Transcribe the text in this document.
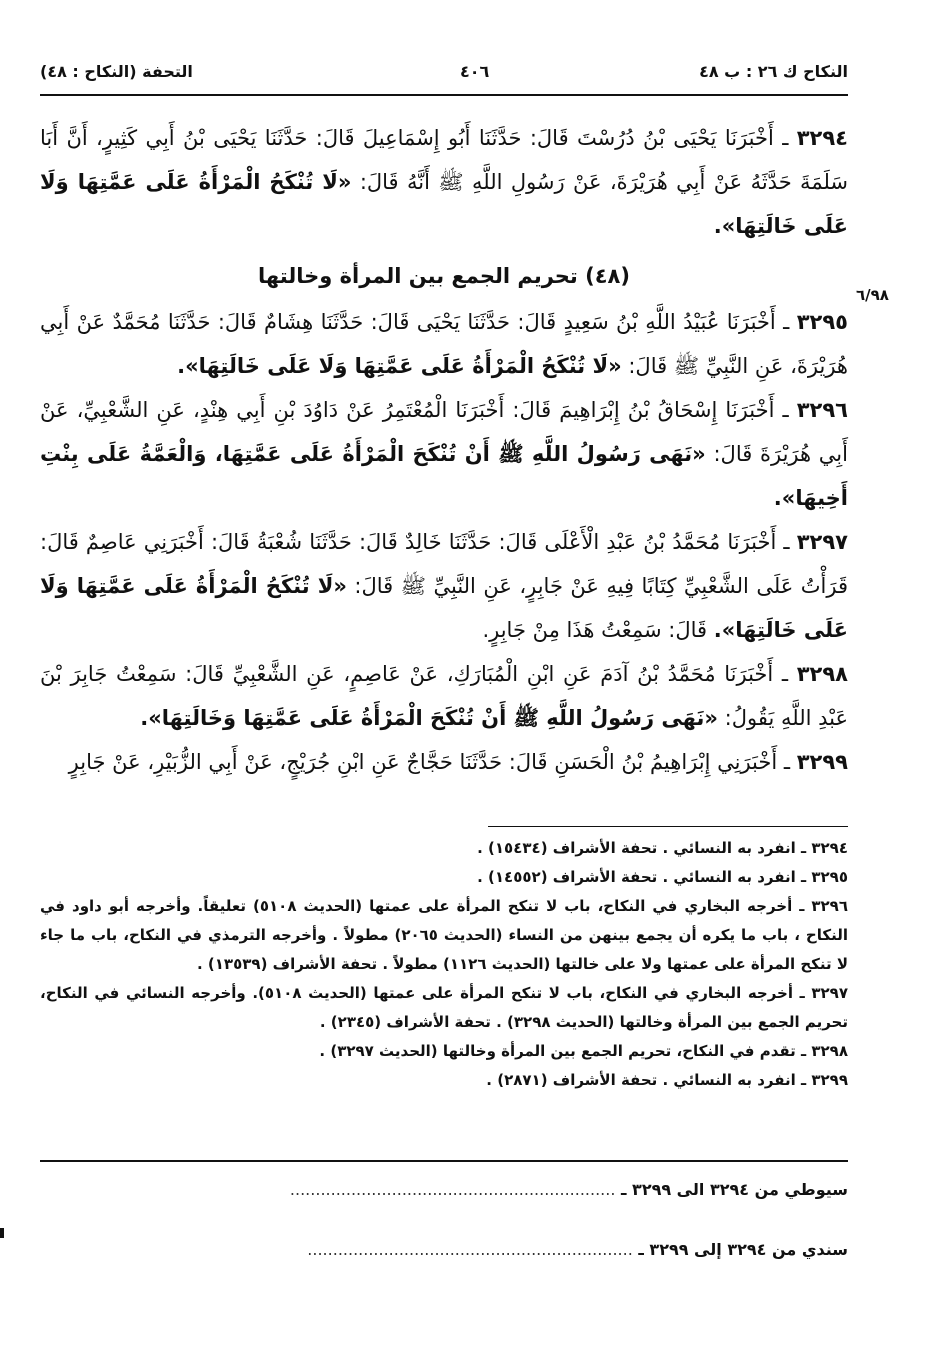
النكاح ك ٢٦ : ب ٤٨
٤٠٦
التحفة (النكاح : ٤٨)
٦/٩٨

٣٢٩٤ ـ أَخْبَرَنَا يَحْيَى بْنُ دُرُسْتَ قَالَ: حَدَّثَنَا أَبُو إِسْمَاعِيلَ قَالَ: حَدَّثَنَا يَحْيَى بْنُ أَبِي كَثِيرٍ، أَنَّ أَبَا سَلَمَةَ حَدَّثَهُ عَنْ أَبِي هُرَيْرَةَ، عَنْ رَسُولِ اللَّهِ ﷺ أَنَّهُ قَالَ: «لَا تُنْكَحُ الْمَرْأَةُ عَلَى عَمَّتِهَا وَلَا عَلَى خَالَتِهَا».

(٤٨) تحريم الجمع بين المرأة وخالتها

٣٢٩٥ ـ أَخْبَرَنَا عُبَيْدُ اللَّهِ بْنُ سَعِيدٍ قَالَ: حَدَّثَنَا يَحْيَى قَالَ: حَدَّثَنَا هِشَامٌ قَالَ: حَدَّثَنَا مُحَمَّدٌ عَنْ أَبِي هُرَيْرَةَ، عَنِ النَّبِيِّ ﷺ قَالَ: «لَا تُنْكَحُ الْمَرْأَةُ عَلَى عَمَّتِهَا وَلَا عَلَى خَالَتِهَا».

٣٢٩٦ ـ أَخْبَرَنَا إِسْحَاقُ بْنُ إِبْرَاهِيمَ قَالَ: أَخْبَرَنَا الْمُعْتَمِرُ عَنْ دَاوُدَ بْنِ أَبِي هِنْدٍ، عَنِ الشَّعْبِيِّ، عَنْ أَبِي هُرَيْرَةَ قَالَ: «نَهَى رَسُولُ اللَّهِ ﷺ أَنْ تُنْكَحَ الْمَرْأَةُ عَلَى عَمَّتِهَا، وَالْعَمَّةُ عَلَى بِنْتِ أَخِيهَا».

٣٢٩٧ ـ أَخْبَرَنَا مُحَمَّدُ بْنُ عَبْدِ الْأَعْلَى قَالَ: حَدَّثَنَا خَالِدٌ قَالَ: حَدَّثَنَا شُعْبَةُ قَالَ: أَخْبَرَنِي عَاصِمٌ قَالَ: قَرَأْتُ عَلَى الشَّعْبِيِّ كِتَابًا فِيهِ عَنْ جَابِرٍ، عَنِ النَّبِيِّ ﷺ قَالَ: «لَا تُنْكَحُ الْمَرْأَةُ عَلَى عَمَّتِهَا وَلَا عَلَى خَالَتِهَا». قَالَ: سَمِعْتُ هَذَا مِنْ جَابِرٍ.

٣٢٩٨ ـ أَخْبَرَنَا مُحَمَّدُ بْنُ آدَمَ عَنِ ابْنِ الْمُبَارَكِ، عَنْ عَاصِمٍ، عَنِ الشَّعْبِيِّ قَالَ: سَمِعْتُ جَابِرَ بْنَ عَبْدِ اللَّهِ يَقُولُ: «نَهَى رَسُولُ اللَّهِ ﷺ أَنْ تُنْكَحَ الْمَرْأَةُ عَلَى عَمَّتِهَا وَخَالَتِهَا».

٣٢٩٩ ـ أَخْبَرَنِي إِبْرَاهِيمُ بْنُ الْحَسَنِ قَالَ: حَدَّثَنَا حَجَّاجٌ عَنِ ابْنِ جُرَيْجٍ، عَنْ أَبِي الزُّبَيْرِ، عَنْ جَابِرٍ

٣٢٩٤ ـ انفرد به النسائي . تحفة الأشراف (١٥٤٣٤) .

٣٢٩٥ ـ انفرد به النسائي . تحفة الأشراف (١٤٥٥٢) .

٣٢٩٦ ـ أخرجه البخاري في النكاح، باب لا تنكح المرأة على عمتها (الحديث ٥١٠٨) تعليقاً. وأخرجه أبو داود في النكاح ، باب ما يكره أن يجمع بينهن من النساء (الحديث ٢٠٦٥) مطولاً . وأخرجه الترمذي في النكاح، باب ما جاء لا تنكح المرأة على عمتها ولا على خالتها (الحديث ١١٢٦) مطولاً . تحفة الأشراف (١٣٥٣٩) .

٣٢٩٧ ـ أخرجه البخاري في النكاح، باب لا تنكح المرأة على عمتها (الحديث ٥١٠٨). وأخرجه النسائي في النكاح، تحريم الجمع بين المرأة وخالتها (الحديث ٣٢٩٨) . تحفة الأشراف (٢٣٤٥) .

٣٢٩٨ ـ تقدم في النكاح، تحريم الجمع بين المرأة وخالتها (الحديث ٣٢٩٧) .

٣٢٩٩ ـ انفرد به النسائي . تحفة الأشراف (٢٨٧١) .

سيوطي من ٣٢٩٤ الى ٣٢٩٩ ـ ................................................................
سندي من ٣٢٩٤ إلى ٣٢٩٩ ـ ................................................................
